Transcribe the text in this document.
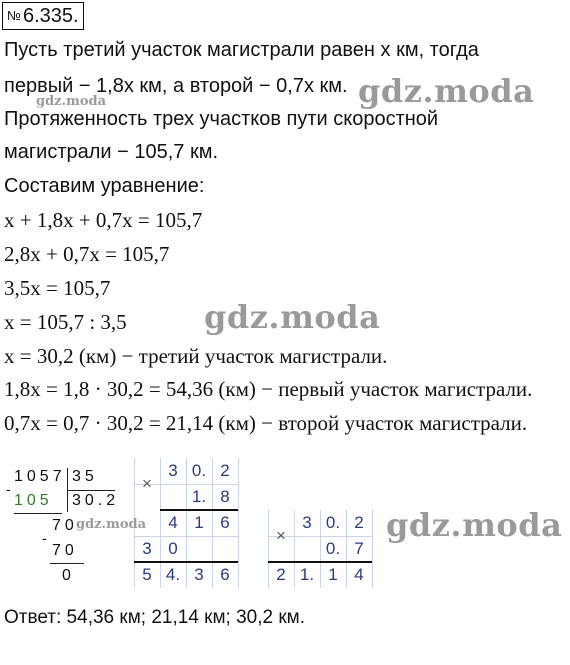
№ 6.335.
Пусть третий участок магистрали равен x км, тогда
первый − 1,8x км, а второй − 0,7x км.
Протяженность трех участков пути скоростной
магистрали − 105,7 км.
Составим уравнение:
x + 1,8x + 0,7x = 105,7
2,8x + 0,7x = 105,7
3,5x = 105,7
x = 105,7 : 3,5
x = 30,2 (км) − третий участок магистрали.
1,8x = 1,8 · 30,2 = 54,36 (км) − первый участок магистрали.
0,7x = 0,7 · 30,2 = 21,14 (км) − второй участок магистрали.
1057 35
-
105 30.2
70
-
70
0
×
3 0. 2
1. 8
4 1 6
3 0
5 4. 3 6
×
3 0. 2
0. 7
2 1. 1 4
Ответ: 54,36 км; 21,14 км; 30,2 км.
gdz.moda
gdz.moda
gdz.moda
gdz.moda	gdz.moda
